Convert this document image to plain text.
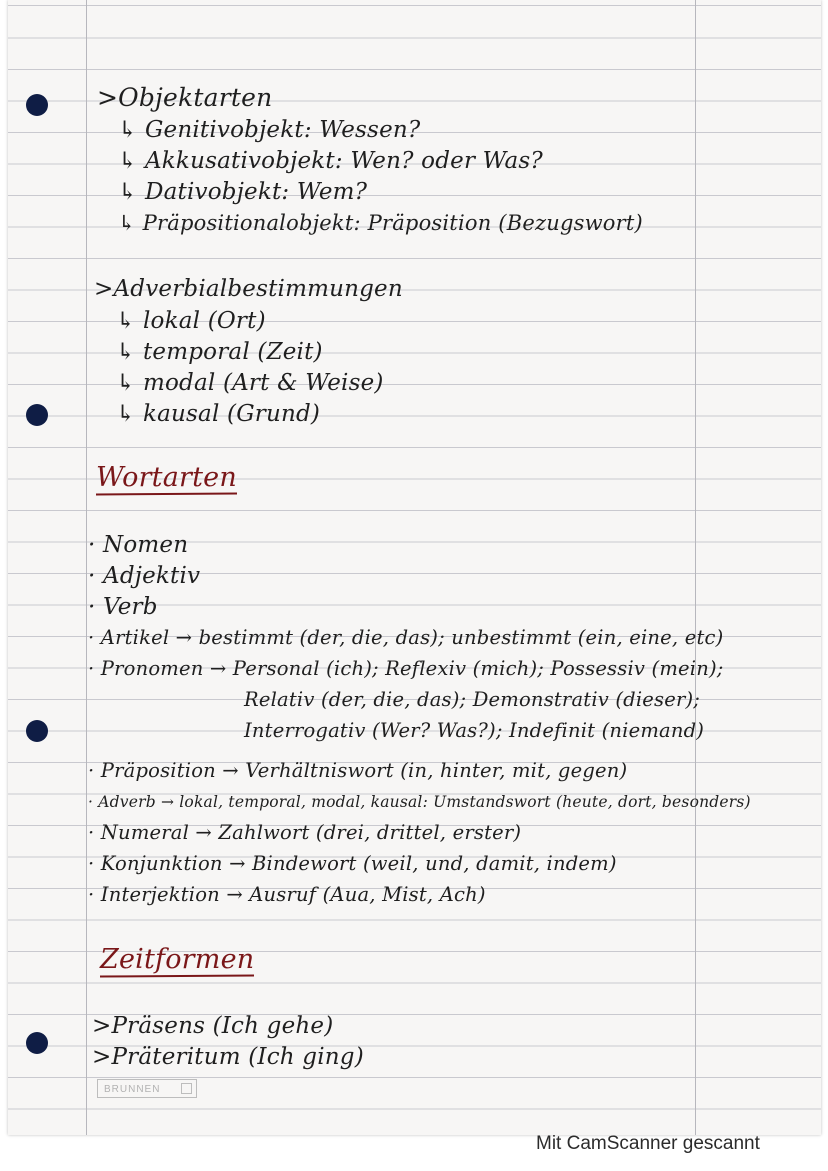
>Objektarten
↳ Genitivobjekt: Wessen?
↳ Akkusativobjekt: Wen? oder Was?
↳ Dativobjekt: Wem?
↳ Präpositionalobjekt: Präposition (Bezugswort)
>Adverbialbestimmungen
↳ lokal (Ort)
↳ temporal (Zeit)
↳ modal (Art & Weise)
↳ kausal (Grund)
Wortarten
· Nomen
· Adjektiv
· Verb
· Artikel → bestimmt (der, die, das); unbestimmt (ein, eine, etc)
· Pronomen → Personal (ich); Reflexiv (mich); Possessiv (mein);
Relativ (der, die, das); Demonstrativ (dieser);
Interrogativ (Wer? Was?); Indefinit (niemand)
· Präposition → Verhältniswort (in, hinter, mit, gegen)
· Adverb → lokal, temporal, modal, kausal: Umstandswort (heute, dort, besonders)
· Numeral → Zahlwort (drei, drittel, erster)
· Konjunktion → Bindewort (weil, und, damit, indem)
· Interjektion → Ausruf (Aua, Mist, Ach)
Zeitformen
>Präsens (Ich gehe)
>Präteritum (Ich ging)
BRUNNEN
Mit CamScanner gescannt
